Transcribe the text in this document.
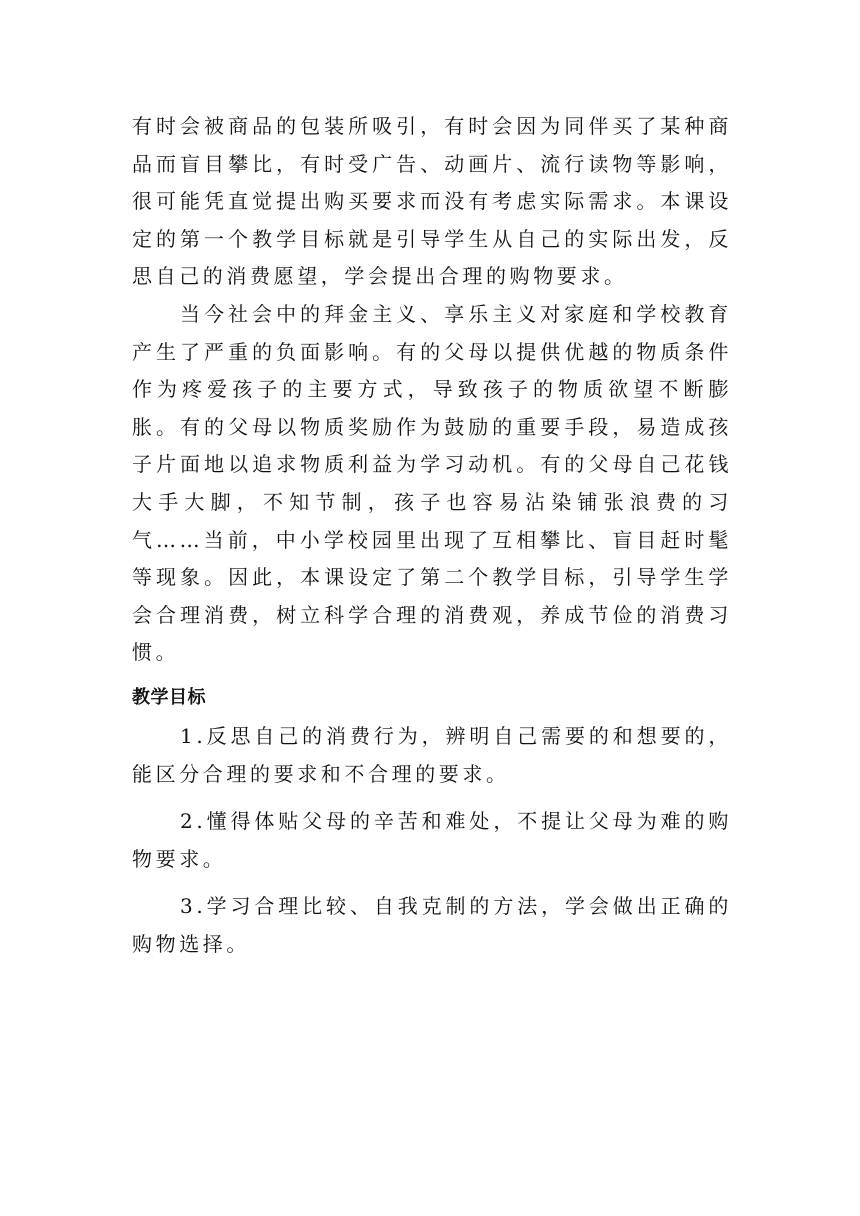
有时会被商品的包装所吸引，有时会因为同伴买了某种商品而盲目攀比，有时受广告、动画片、流行读物等影响，很可能凭直觉提出购买要求而没有考虑实际需求。本课设定的第一个教学目标就是引导学生从自己的实际出发，反思自己的消费愿望，学会提出合理的购物要求。

当今社会中的拜金主义、享乐主义对家庭和学校教育产生了严重的负面影响。有的父母以提供优越的物质条件作为疼爱孩子的主要方式，导致孩子的物质欲望不断膨胀。有的父母以物质奖励作为鼓励的重要手段，易造成孩子片面地以追求物质利益为学习动机。有的父母自己花钱大手大脚，不知节制，孩子也容易沾染铺张浪费的习气……当前，中小学校园里出现了互相攀比、盲目赶时髦等现象。因此，本课设定了第二个教学目标，引导学生学会合理消费，树立科学合理的消费观，养成节俭的消费习惯。

教学目标

1.反思自己的消费行为，辨明自己需要的和想要的，能区分合理的要求和不合理的要求。

2.懂得体贴父母的辛苦和难处，不提让父母为难的购物要求。

3.学习合理比较、自我克制的方法，学会做出正确的购物选择。
